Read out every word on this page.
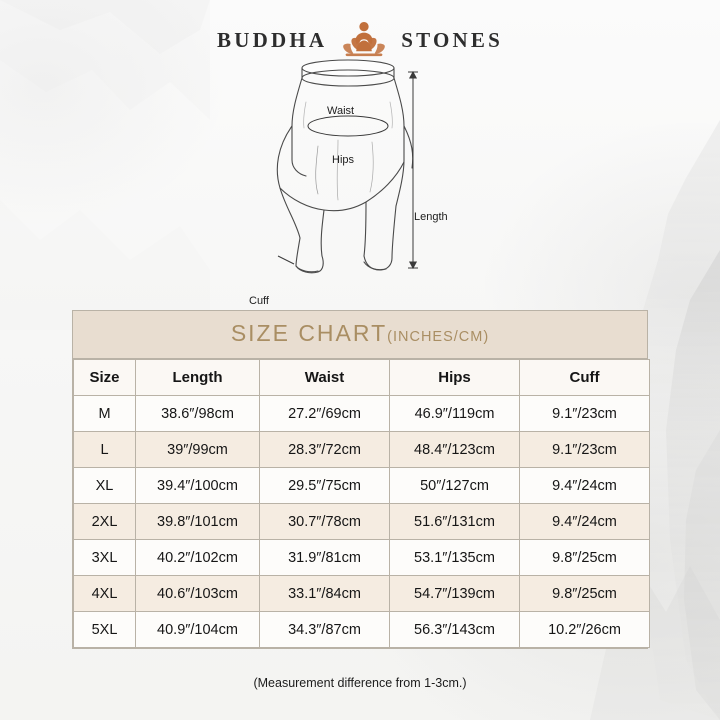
BUDDHA	STONES
Waist
Hips
Length
Cuff
SIZE CHART(INCHES/CM)
Size	Length	Waist	Hips	Cuff
M	38.6″/98cm	27.2″/69cm	46.9″/119cm	9.1″/23cm
L	39″/99cm	28.3″/72cm	48.4″/123cm	9.1″/23cm
XL	39.4″/100cm	29.5″/75cm	50″/127cm	9.4″/24cm
2XL	39.8″/101cm	30.7″/78cm	51.6″/131cm	9.4″/24cm
3XL	40.2″/102cm	31.9″/81cm	53.1″/135cm	9.8″/25cm
4XL	40.6″/103cm	33.1″/84cm	54.7″/139cm	9.8″/25cm
5XL	40.9″/104cm	34.3″/87cm	56.3″/143cm	10.2″/26cm
(Measurement difference from 1-3cm.)
